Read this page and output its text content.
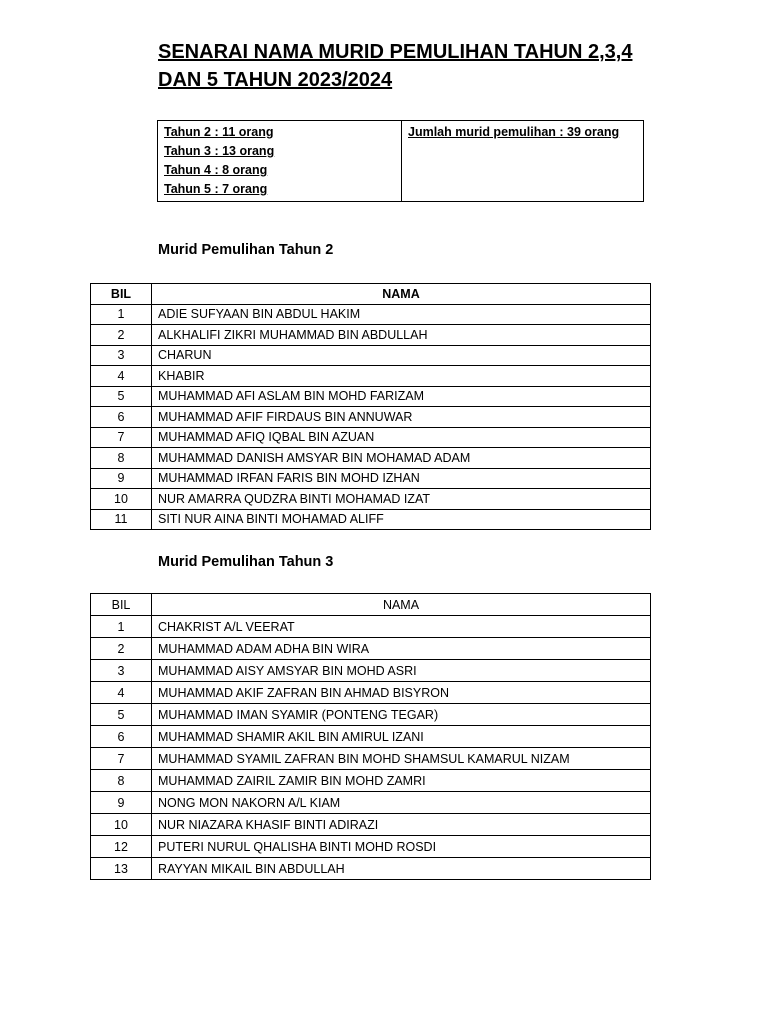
SENARAI NAMA MURID PEMULIHAN TAHUN 2,3,4
DAN 5 TAHUN 2023/2024
Tahun 2 : 11 orang
Tahun 3 : 13 orang
Tahun 4 : 8 orang
Tahun 5 : 7 orang

Jumlah murid pemulihan : 39 orang
Murid Pemulihan Tahun 2
BIL	NAMA
1	ADIE SUFYAAN BIN ABDUL HAKIM
2	ALKHALIFI ZIKRI MUHAMMAD BIN ABDULLAH
3	CHARUN
4	KHABIR
5	MUHAMMAD AFI ASLAM BIN MOHD FARIZAM
6	MUHAMMAD AFIF FIRDAUS BIN ANNUWAR
7	MUHAMMAD AFIQ IQBAL BIN AZUAN
8	MUHAMMAD DANISH AMSYAR BIN MOHAMAD ADAM
9	MUHAMMAD IRFAN FARIS BIN MOHD IZHAN
10	NUR AMARRA QUDZRA BINTI MOHAMAD IZAT
11	SITI NUR AINA BINTI MOHAMAD ALIFF
Murid Pemulihan Tahun 3
BIL	NAMA
1	CHAKRIST A/L VEERAT
2	MUHAMMAD ADAM ADHA BIN WIRA
3	MUHAMMAD AISY AMSYAR BIN MOHD ASRI
4	MUHAMMAD AKIF ZAFRAN BIN AHMAD BISYRON
5	MUHAMMAD IMAN SYAMIR (PONTENG TEGAR)
6	MUHAMMAD SHAMIR AKIL BIN AMIRUL IZANI
7	MUHAMMAD SYAMIL ZAFRAN BIN MOHD SHAMSUL KAMARUL NIZAM
8	MUHAMMAD ZAIRIL ZAMIR BIN MOHD ZAMRI
9	NONG MON NAKORN A/L KIAM
10	NUR NIAZARA KHASIF BINTI ADIRAZI
12	PUTERI NURUL QHALISHA BINTI MOHD ROSDI
13	RAYYAN MIKAIL BIN ABDULLAH
